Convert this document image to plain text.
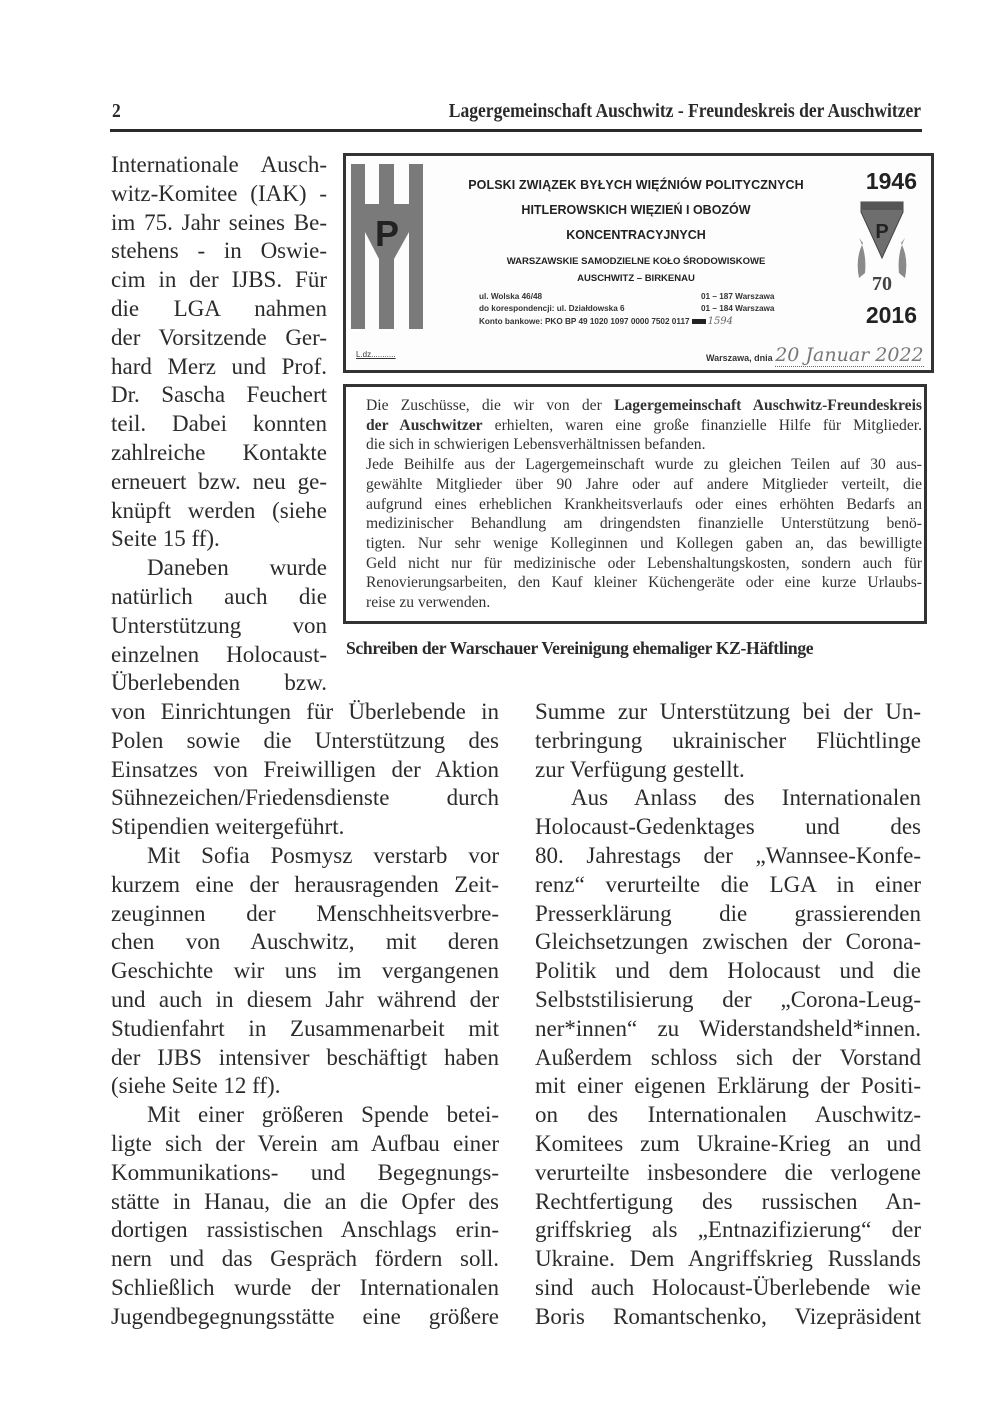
2	Lagergemeinschaft Auschwitz - Freundeskreis der Auschwitzer
Internationale Ausch-
witz-Komitee (IAK) -
im 75. Jahr seines Be-
stehens - in Oswie-
cim in der IJBS. Für
die LGA nahmen
der Vorsitzende Ger-
hard Merz und Prof.
Dr. Sascha Feuchert
teil. Dabei konnten
zahlreiche Kontakte
erneuert bzw. neu ge-
knüpft werden (siehe
Seite 15 ff).
Daneben wurde
natürlich auch die
Unterstützung von
einzelnen Holocaust-
Überlebenden bzw.
P
L.dz...........
POLSKI ZWIĄZEK BYŁYCH WIĘŹNIÓW POLITYCZNYCH
HITLEROWSKICH WIĘZIEŃ I OBOZÓW
KONCENTRACYJNYCH
WARSZAWSKIE SAMODZIELNE KOŁO ŚRODOWISKOWE
AUSCHWITZ – BIRKENAU
ul. Wolska 46/48	01 – 187 Warszawa
do korespondencji: ul. Działdowska 6	01 – 184 Warszawa
Konto bankowe: PKO BP 49 1020 1097 0000 7502 0117 1594
Warszawa, dnia 20 Januar 2022
1946
P
70
2016
Die Zuschüsse, die wir von der Lagergemeinschaft Auschwitz-Freundeskreis
der Auschwitzer erhielten, waren eine große finanzielle Hilfe für Mitglieder.
die sich in schwierigen Lebensverhältnissen befanden.
Jede Beihilfe aus der Lagergemeinschaft wurde zu gleichen Teilen auf 30 aus-
gewählte Mitglieder über 90 Jahre oder auf andere Mitglieder verteilt, die
aufgrund eines erheblichen Krankheitsverlaufs oder eines erhöhten Bedarfs an
medizinischer Behandlung am dringendsten finanzielle Unterstützung benö-
tigten. Nur sehr wenige Kolleginnen und Kollegen gaben an, das bewilligte
Geld nicht nur für medizinische oder Lebenshaltungskosten, sondern auch für
Renovierungsarbeiten, den Kauf kleiner Küchengeräte oder eine kurze Urlaubs-
reise zu verwenden.
Schreiben der Warschauer Vereinigung ehemaliger KZ-Häftlinge
von Einrichtungen für Überlebende in
Polen sowie die Unterstützung des
Einsatzes von Freiwilligen der Aktion
Sühnezeichen/Friedensdienste durch
Stipendien weitergeführt.
Mit Sofia Posmysz verstarb vor
kurzem eine der herausragenden Zeit-
zeuginnen der Menschheitsverbre-
chen von Auschwitz, mit deren
Geschichte wir uns im vergangenen
und auch in diesem Jahr während der
Studienfahrt in Zusammenarbeit mit
der IJBS intensiver beschäftigt haben
(siehe Seite 12 ff).
Mit einer größeren Spende betei-
ligte sich der Verein am Aufbau einer
Kommunikations- und Begegnungs-
stätte in Hanau, die an die Opfer des
dortigen rassistischen Anschlags erin-
nern und das Gespräch fördern soll.
Schließlich wurde der Internationalen
Jugendbegegnungsstätte eine größere
Summe zur Unterstützung bei der Un-
terbringung ukrainischer Flüchtlinge
zur Verfügung gestellt.
Aus Anlass des Internationalen
Holocaust-Gedenktages und des
80. Jahrestags der „Wannsee-Konfe-
renz“ verurteilte die LGA in einer
Presserklärung die grassierenden
Gleichsetzungen zwischen der Corona-
Politik und dem Holocaust und die
Selbststilisierung der „Corona-Leug-
ner*innen“ zu Widerstandsheld*innen.
Außerdem schloss sich der Vorstand
mit einer eigenen Erklärung der Positi-
on des Internationalen Auschwitz-
Komitees zum Ukraine-Krieg an und
verurteilte insbesondere die verlogene
Rechtfertigung des russischen An-
griffskrieg als „Entnazifizierung“ der
Ukraine. Dem Angriffskrieg Russlands
sind auch Holocaust-Überlebende wie
Boris Romantschenko, Vizepräsident
